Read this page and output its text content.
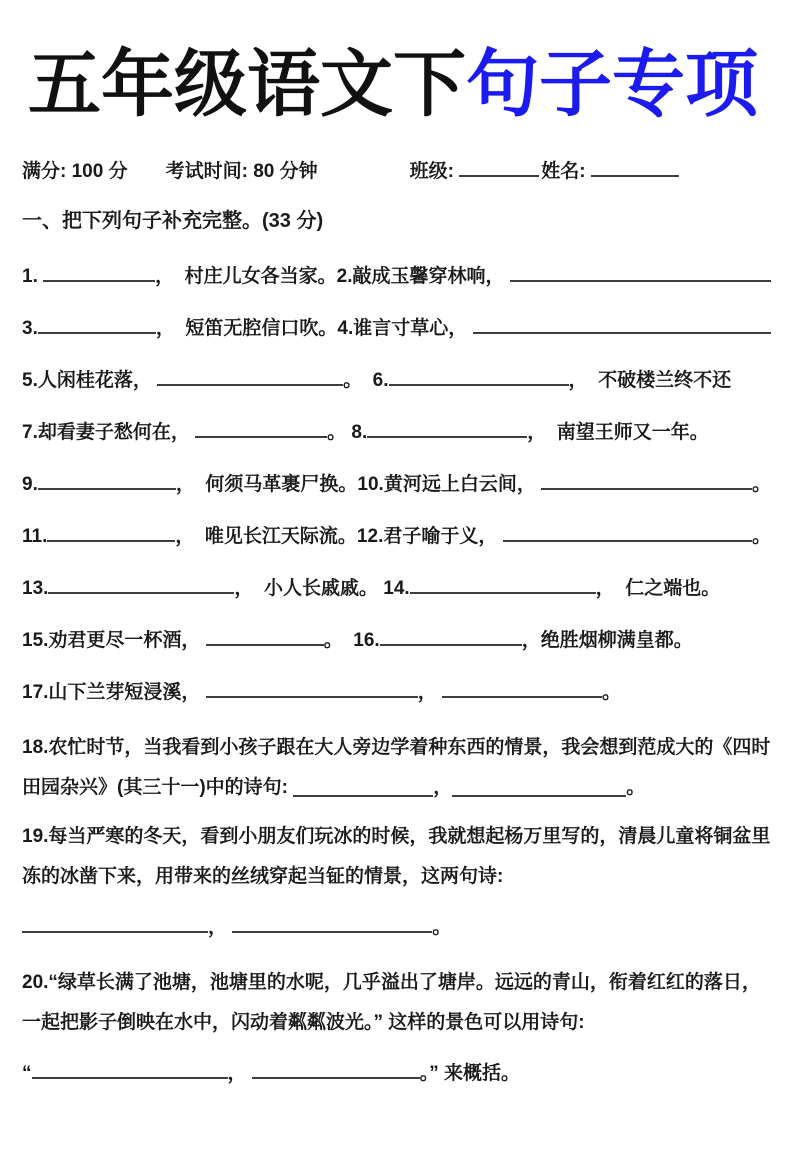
五年级语文下句子专项
满分: 100 分 考试时间: 80 分钟	班级:	姓名:
一、把下列句子补充完整。(33 分)
1.	，  村庄儿女各当家。2.敲成玉馨穿林响，
3.	，  短笛无腔信口吹。4.谁言寸草心，
5.人闲桂花落，	。  6.	，  不破楼兰终不还
7.却看妻子愁何在，	。 8.	，  南望王师又一年。
9.	，  何须马革裹尸换。10.黄河远上白云间，	。
11.	，  唯见长江天际流。12.君子喻于义，	。
13.	，  小人长戚戚。 14.	，  仁之端也。
15.劝君更尽一杯酒，	。  16.	，绝胜烟柳满皇都。
17.山下兰芽短浸溪，	，	。
18.农忙时节，当我看到小孩子跟在大人旁边学着种东西的情景，我会想到范成大的《四时田园杂兴》(其三十一)中的诗句:	，	。
19.每当严寒的冬天，看到小朋友们玩冰的时候，我就想起杨万里写的，清晨儿童将铜盆里冻的冰凿下来，用带来的丝绒穿起当钲的情景，这两句诗:
，	。
20.“绿草长满了池塘，池塘里的水呢，几乎溢出了塘岸。远远的青山，衔着红红的落日，一起把影子倒映在水中，闪动着粼粼波光。” 这样的景色可以用诗句:
“	，	。” 来概括。
